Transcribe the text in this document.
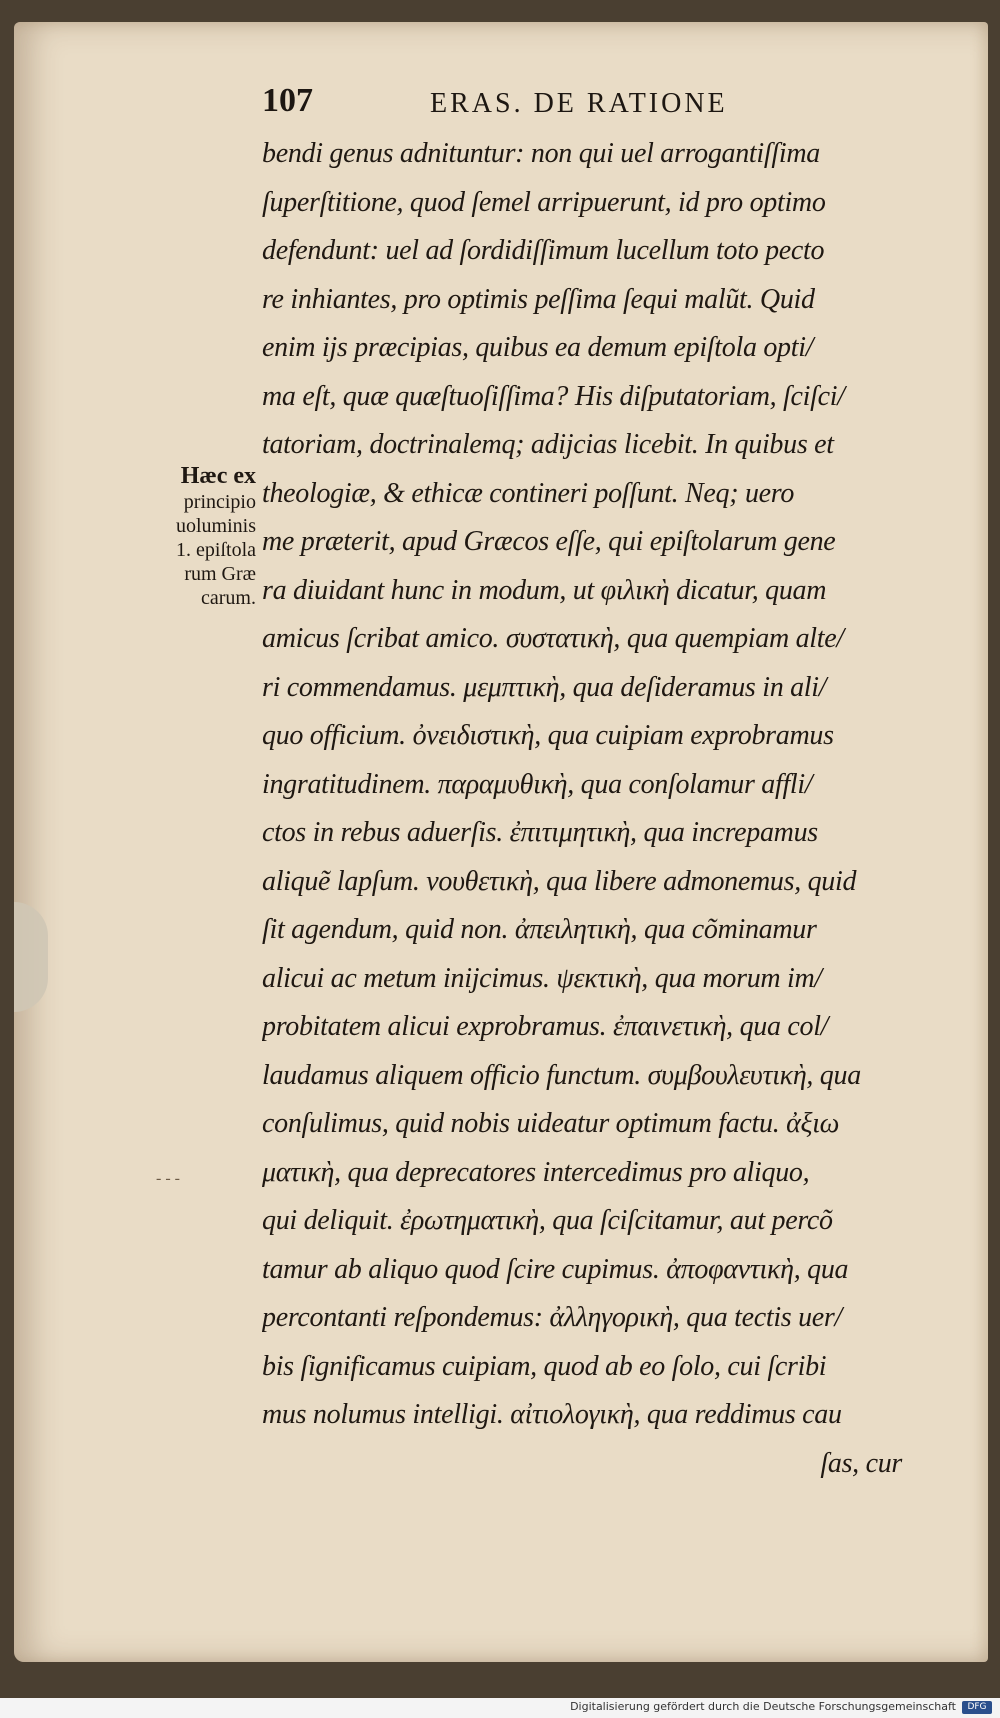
107	ERAS. DE RATIONE
Hæc ex
principio
uoluminis
1. epiſtola
rum Græ
carum.
- - -
bendi genus adnituntur: non qui uel arrogantiſſima
ſuperſtitione, quod ſemel arripuerunt, id pro optimo
defendunt: uel ad ſordidiſſimum lucellum toto pecto
re inhiantes, pro optimis peſſima ſequi malũt. Quid
enim ijs præcipias, quibus ea demum epiſtola opti/
ma eſt, quæ quæſtuoſiſſima? His diſputatoriam, ſciſci/
tatoriam, doctrinalemq; adijcias licebit. In quibus et
theologiæ, & ethicæ contineri poſſunt. Neq; uero
me præterit, apud Græcos eſſe, qui epiſtolarum gene
ra diuidant hunc in modum, ut φιλικὴ dicatur, quam
amicus ſcribat amico. συστατικὴ, qua quempiam alte/
ri commendamus. μεμπτικὴ, qua deſideramus in ali/
quo officium. ὀνειδιστικὴ, qua cuipiam exprobramus
ingratitudinem. παραμυθικὴ, qua conſolamur affli/
ctos in rebus aduerſis. ἐπιτιμητικὴ, qua increpamus
aliquẽ lapſum. νουθετικὴ, qua libere admonemus, quid
ſit agendum, quid non. ἀπειλητικὴ, qua cõminamur
alicui ac metum inijcimus. ψεκτικὴ, qua morum im/
probitatem alicui exprobramus. ἐπαινετικὴ, qua col/
laudamus aliquem officio functum. συμβουλευτικὴ, qua
conſulimus, quid nobis uideatur optimum factu. ἀξιω
ματικὴ, qua deprecatores intercedimus pro aliquo,
qui deliquit. ἐρωτηματικὴ, qua ſciſcitamur, aut percõ
tamur ab aliquo quod ſcire cupimus. ἀποφαντικὴ, qua
percontanti reſpondemus: ἀλληγορικὴ, qua tectis uer/
bis ſignificamus cuipiam, quod ab eo ſolo, cui ſcribi
mus nolumus intelligi. αἰτιολογικὴ, qua reddimus cau
ſas, cur
Digitalisierung gefördert durch die Deutsche Forschungsgemeinschaft	DFG
